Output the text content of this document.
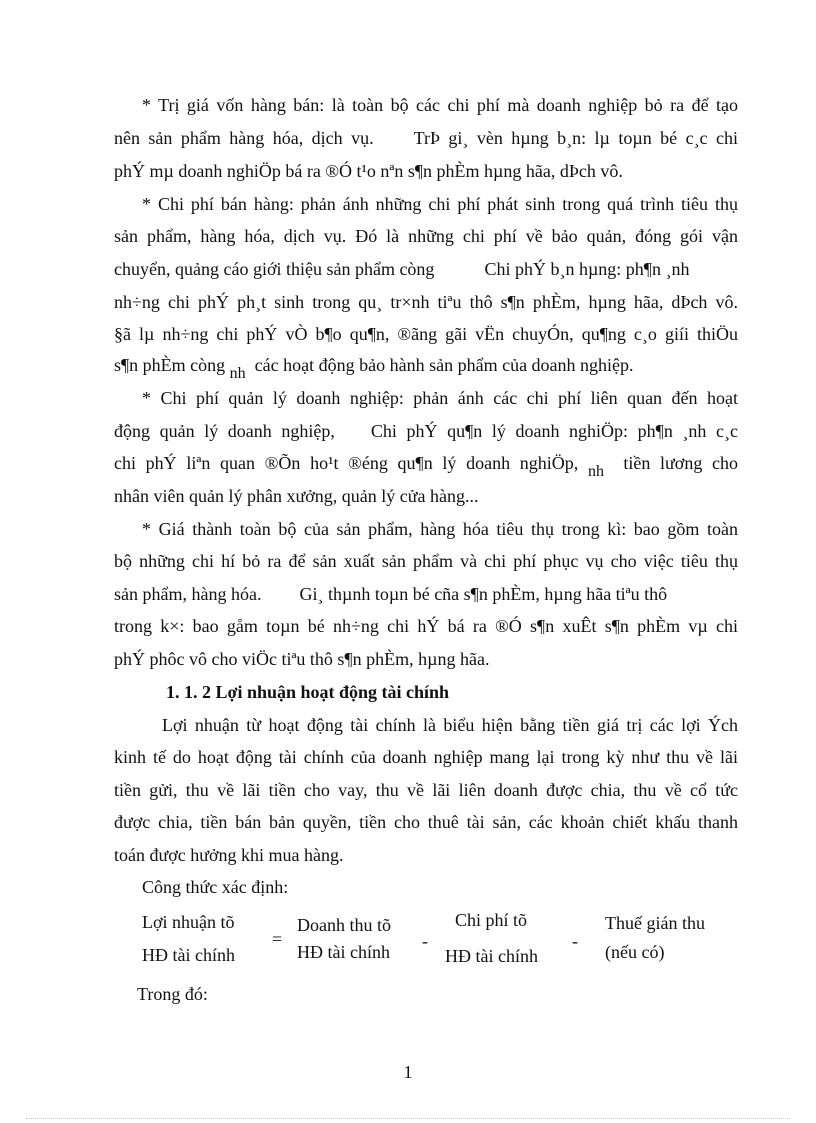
* Trị giá vốn hàng bán: là toàn bộ các chi phí mà doanh nghiệp bỏ ra để tạo
nên sản phẩm hàng hóa, dịch vụ. TrÞ gi¸ vèn hµng b¸n: lµ toµn bé c¸c chi
phÝ mµ doanh nghiÖp bá ra ®Ó t¹o nªn s¶n phÈm hµng hãa, dÞch vô.
* Chi phí bán hàng: phản ánh những chi phí phát sinh trong quá trình tiêu thụ
sản phẩm, hàng hóa, dịch vụ. Đó là những chi phí về bảo quản, đóng gói vận
chuyển, quảng cáo giới thiệu sản phẩm còng	Chi phÝ b¸n hµng: ph¶n ¸nh
nh÷ng chi phÝ ph¸t sinh trong qu¸ tr×nh tiªu thô s¶n phÈm, hµng hãa, dÞch vô.
§ã lµ nh÷ng chi phÝ vÒ b¶o qu¶n, ®ãng gãi vËn chuyÓn, qu¶ng c¸o giíi thiÖu
s¶n phÈm còng nh các hoạt động bảo hành sản phẩm của doanh nghiệp.
* Chi phí quản lý doanh nghiệp: phản ánh các chi phí liên quan đến hoạt
động quản lý doanh nghiệp, Chi phÝ qu¶n lý doanh nghiÖp: ph¶n ¸nh c¸c
chi phÝ liªn quan ®Õn ho¹t ®éng qu¶n lý doanh nghiÖp, nh tiền lương cho
nhân viên quản lý phân xưởng, quản lý cửa hàng...
* Giá thành toàn bộ của sản phẩm, hàng hóa tiêu thụ trong kì: bao gồm toàn
bộ những chi hí bỏ ra để sản xuất sản phẩm và chi phí phục vụ cho việc tiêu thụ
sản phẩm, hàng hóa. Gi¸ thµnh toµn bé cña s¶n phÈm, hµng hãa tiªu thô
trong k×: bao gåm toµn bé nh÷ng chi hÝ bá ra ®Ó s¶n xuÊt s¶n phÈm vµ chi
phÝ phôc vô cho viÖc tiªu thô s¶n phÈm, hµng hãa.
1. 1. 2 Lợi nhuận hoạt động tài chính
Lợi nhuận từ hoạt động tài chính là biểu hiện bằng tiền giá trị các lợi Ých
kinh tế do hoạt động tài chính của doanh nghiệp mang lại trong kỳ như thu về lãi
tiền gửi, thu về lãi tiền cho vay, thu về lãi liên doanh được chia, thu về cổ tức
được chia, tiền bán bản quyền, tiền cho thuê tài sản, các khoản chiết khấu thanh
toán được hưởng khi mua hàng.
Công thức xác định:
Lợi nhuận tõ
HĐ tài chính
=
Doanh thu tõ
HĐ tài chính
-
Chi phí tõ
HĐ tài chính
-
Thuế gián thu
(nếu có)
Trong đó:
1
